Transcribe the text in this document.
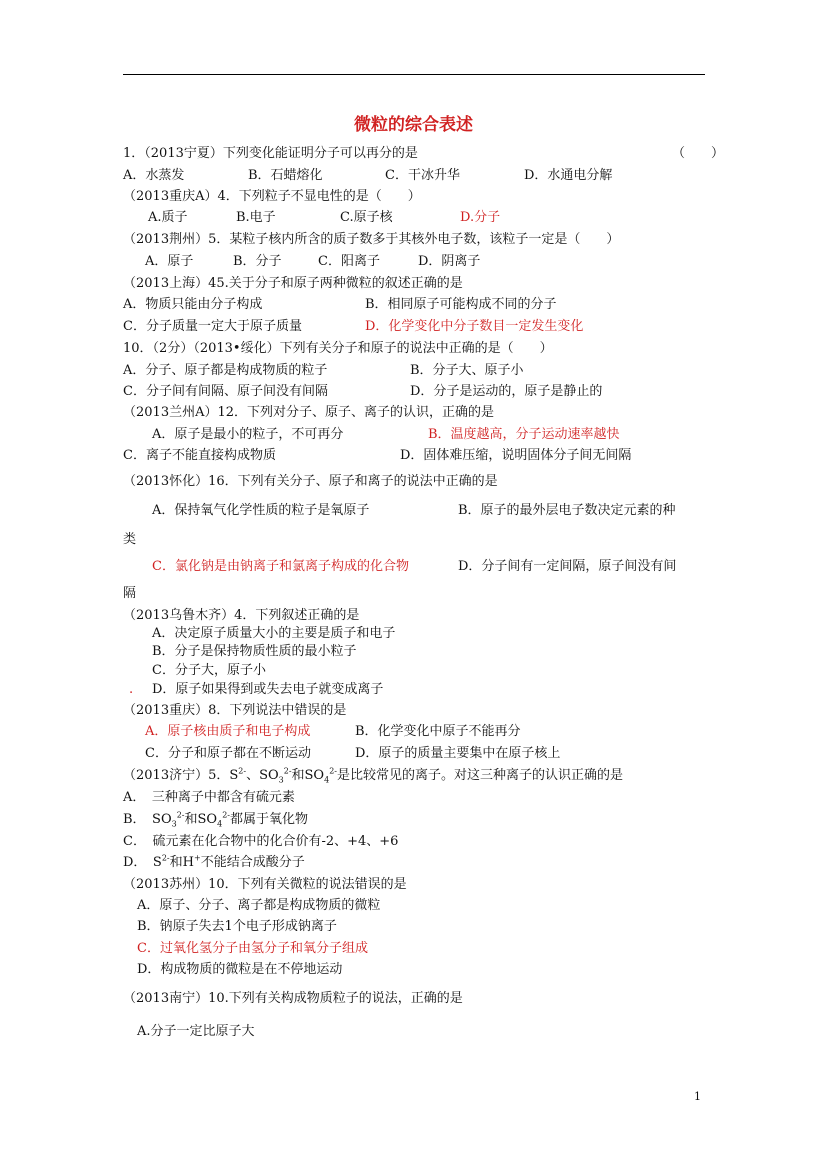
微粒的综合表述
1．（2013宁夏）下列变化能证明分子可以再分的是	（　　）
A．水蒸发	B．石蜡熔化	C．干冰升华	D．水通电分解
（2013重庆A）4．下列粒子不显电性的是（　　）
A.质子	B.电子	C.原子核	D.分子
（2013荆州）5．某粒子核内所含的质子数多于其核外电子数，该粒子一定是（　　）
A．原子	B．分子	C．阳离子	D．阴离子
（2013上海）45.关于分子和原子两种微粒的叙述正确的是
A．物质只能由分子构成	B．相同原子可能构成不同的分子
C．分子质量一定大于原子质量	D．化学变化中分子数目一定发生变化
10．（2分）（2013•绥化）下列有关分子和原子的说法中正确的是（　　）
A．分子、原子都是构成物质的粒子	B．分子大、原子小
C．分子间有间隔、原子间没有间隔	D．分子是运动的，原子是静止的
（2013兰州A）12．下列对分子、原子、离子的认识，正确的是
A．原子是最小的粒子，不可再分	B．温度越高，分子运动速率越快
C．离子不能直接构成物质	D．固体难压缩，说明固体分子间无间隔
（2013怀化）16．下列有关分子、原子和离子的说法中正确的是
A．保持氧气化学性质的粒子是氧原子	B．原子的最外层电子数决定元素的种
类
C．氯化钠是由钠离子和氯离子构成的化合物	D．分子间有一定间隔，原子间没有间
隔
（2013乌鲁木齐）4．下列叙述正确的是
A．决定原子质量大小的主要是质子和电子
B．分子是保持物质性质的最小粒子
C．分子大，原子小
. D．原子如果得到或失去电子就变成离子
（2013重庆）8．下列说法中错误的是
A．原子核由质子和电子构成	B．化学变化中原子不能再分
C．分子和原子都在不断运动	D．原子的质量主要集中在原子核上
（2013济宁）5．$S^{2-}$、$SO_3^{2-}$和$SO_4^{2-}$是比较常见的离子。对这三种离子的认识正确的是
A．　三种离子中都含有硫元素
B．　$SO_3^{2-}$和$SO_4^{2-}$都属于氧化物
C．　硫元素在化合物中的化合价有-2、+4、+6
D．　$S^{2-}$和H+不能结合成酸分子
（2013苏州）10．下列有关微粒的说法错误的是
A．原子、分子、离子都是构成物质的微粒
B．钠原子失去1个电子形成钠离子
C．过氧化氢分子由氢分子和氧分子组成
D．构成物质的微粒是在不停地运动
（2013南宁）10.下列有关构成物质粒子的说法，正确的是
A.分子一定比原子大
1
